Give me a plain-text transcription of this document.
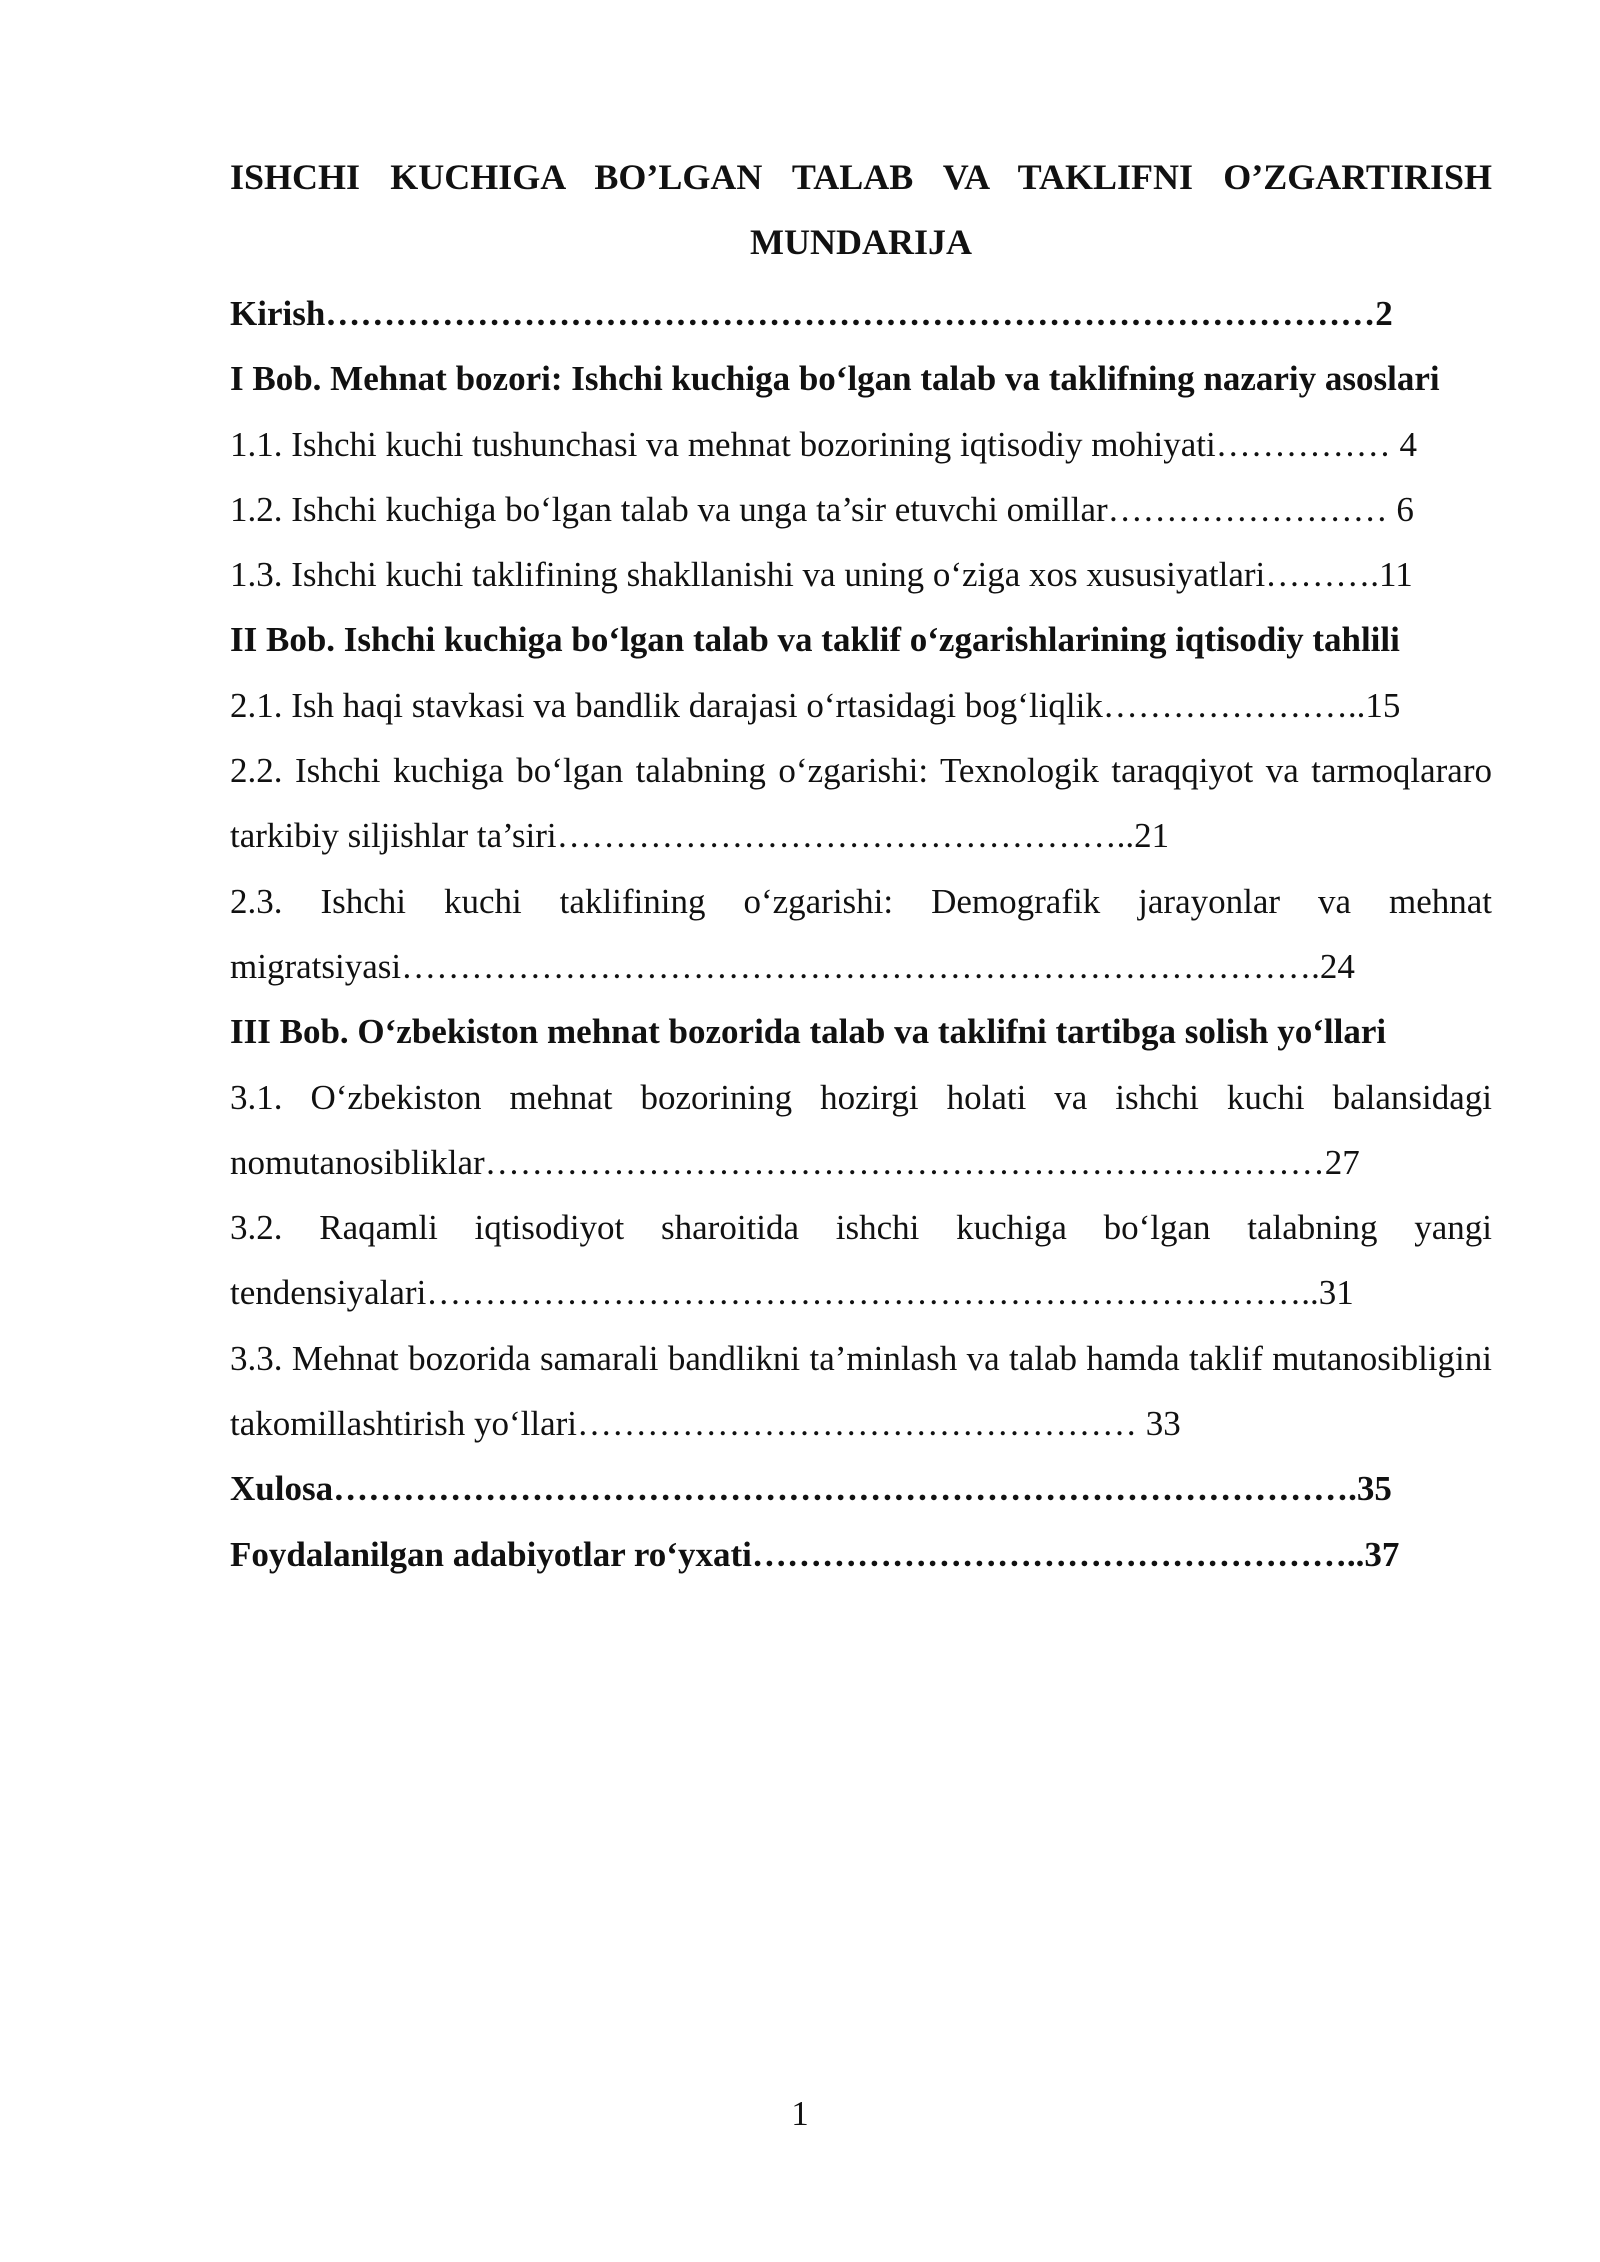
ISHCHI KUCHIGA BO’LGAN TALAB VA TAKLIFNI O’ZGARTIRISH
MUNDARIJA

Kirish………………………………………………………………………………2

I Bob. Mehnat bozori: Ishchi kuchiga bo‘lgan talab va taklifning nazariy asoslari

1.1. Ishchi kuchi tushunchasi va mehnat bozorining iqtisodiy mohiyati…………… 4

1.2. Ishchi kuchiga bo‘lgan talab va unga ta’sir etuvchi omillar…………………… 6

1.3. Ishchi kuchi taklifining shakllanishi va uning o‘ziga xos xususiyatlari……….11

II Bob. Ishchi kuchiga bo‘lgan talab va taklif o‘zgarishlarining iqtisodiy tahlili

2.1. Ish haqi stavkasi va bandlik darajasi o‘rtasidagi bog‘liqlik…………………..15

2.2. Ishchi kuchiga bo‘lgan talabning o‘zgarishi: Texnologik taraqqiyot va tarmoqlararo tarkibiy siljishlar ta’siri…………………………………………..21

2.3. Ishchi kuchi taklifining o‘zgarishi: Demografik jarayonlar va mehnat migratsiyasi…………………………………………………………………….24

III Bob. O‘zbekiston mehnat bozorida talab va taklifni tartibga solish yo‘llari

3.1. O‘zbekiston mehnat bozorining hozirgi holati va ishchi kuchi balansidagi nomutanosibliklar………………………………………………………………27

3.2. Raqamli iqtisodiyot sharoitida ishchi kuchiga bo‘lgan talabning yangi tendensiyalari…………………………………………………………………..31

3.3. Mehnat bozorida samarali bandlikni ta’minlash va talab hamda taklif mutanosibligini takomillashtirish yo‘llari………………………………………… 33

Xulosa…………………………………………………………………………….35

Foydalanilgan adabiyotlar ro‘yxati……………………………………………..37

1
